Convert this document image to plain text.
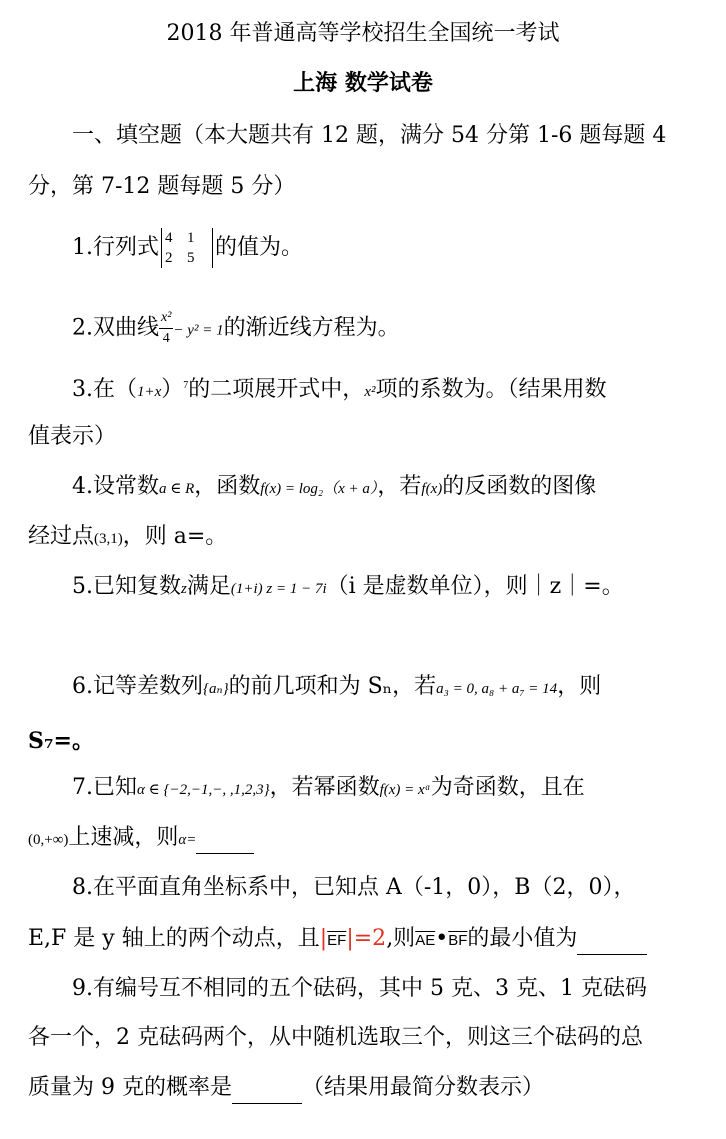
2018 年普通高等学校招生全国统一考试
上海 数学试卷
一、填空题（本大题共有 12 题，满分 54 分第 1-6 题每题 4
分，第 7-12 题每题 5 分）
1.行列式 4 1
2 5 的值为。
2.双曲线 $\frac{\text{x²}}{4} - y^2 = 1$的渐近线方程为。
3.在$(1+x)^7$的二项展开式中，x²项的系数为。（结果用数
值表示）
4.设常数a ∈ R，函数f(x) = log₂（x + a），若f(x)的反函数的图像
经过点(3,1)，则 a=。
5.已知复数z满足(1+i) z = 1 − 7i（i 是虚数单位），则｜z｜=。
6.记等差数列{aₙ}的前几项和为 Sₙ，若a₃ = 0, a₈ + a₇ = 14，则
S₇=。
7.已知α ∈ {−2,−1,−, ,1,2,3}，若幂函数f(x) = xᵅ为奇函数，且在
(0,+∞)上速减，则α=
8.在平面直角坐标系中，已知点 A（-1，0），B（2，0），
E,F 是 y 轴上的两个动点，且$|\overline{EF}|=2$,则$\overline{AE}•\overline{BF}$的最小值为
9.有编号互不相同的五个砝码，其中 5 克、3 克、1 克砝码
各一个，2 克砝码两个，从中随机选取三个，则这三个砝码的总
质量为 9 克的概率是	（结果用最简分数表示）
